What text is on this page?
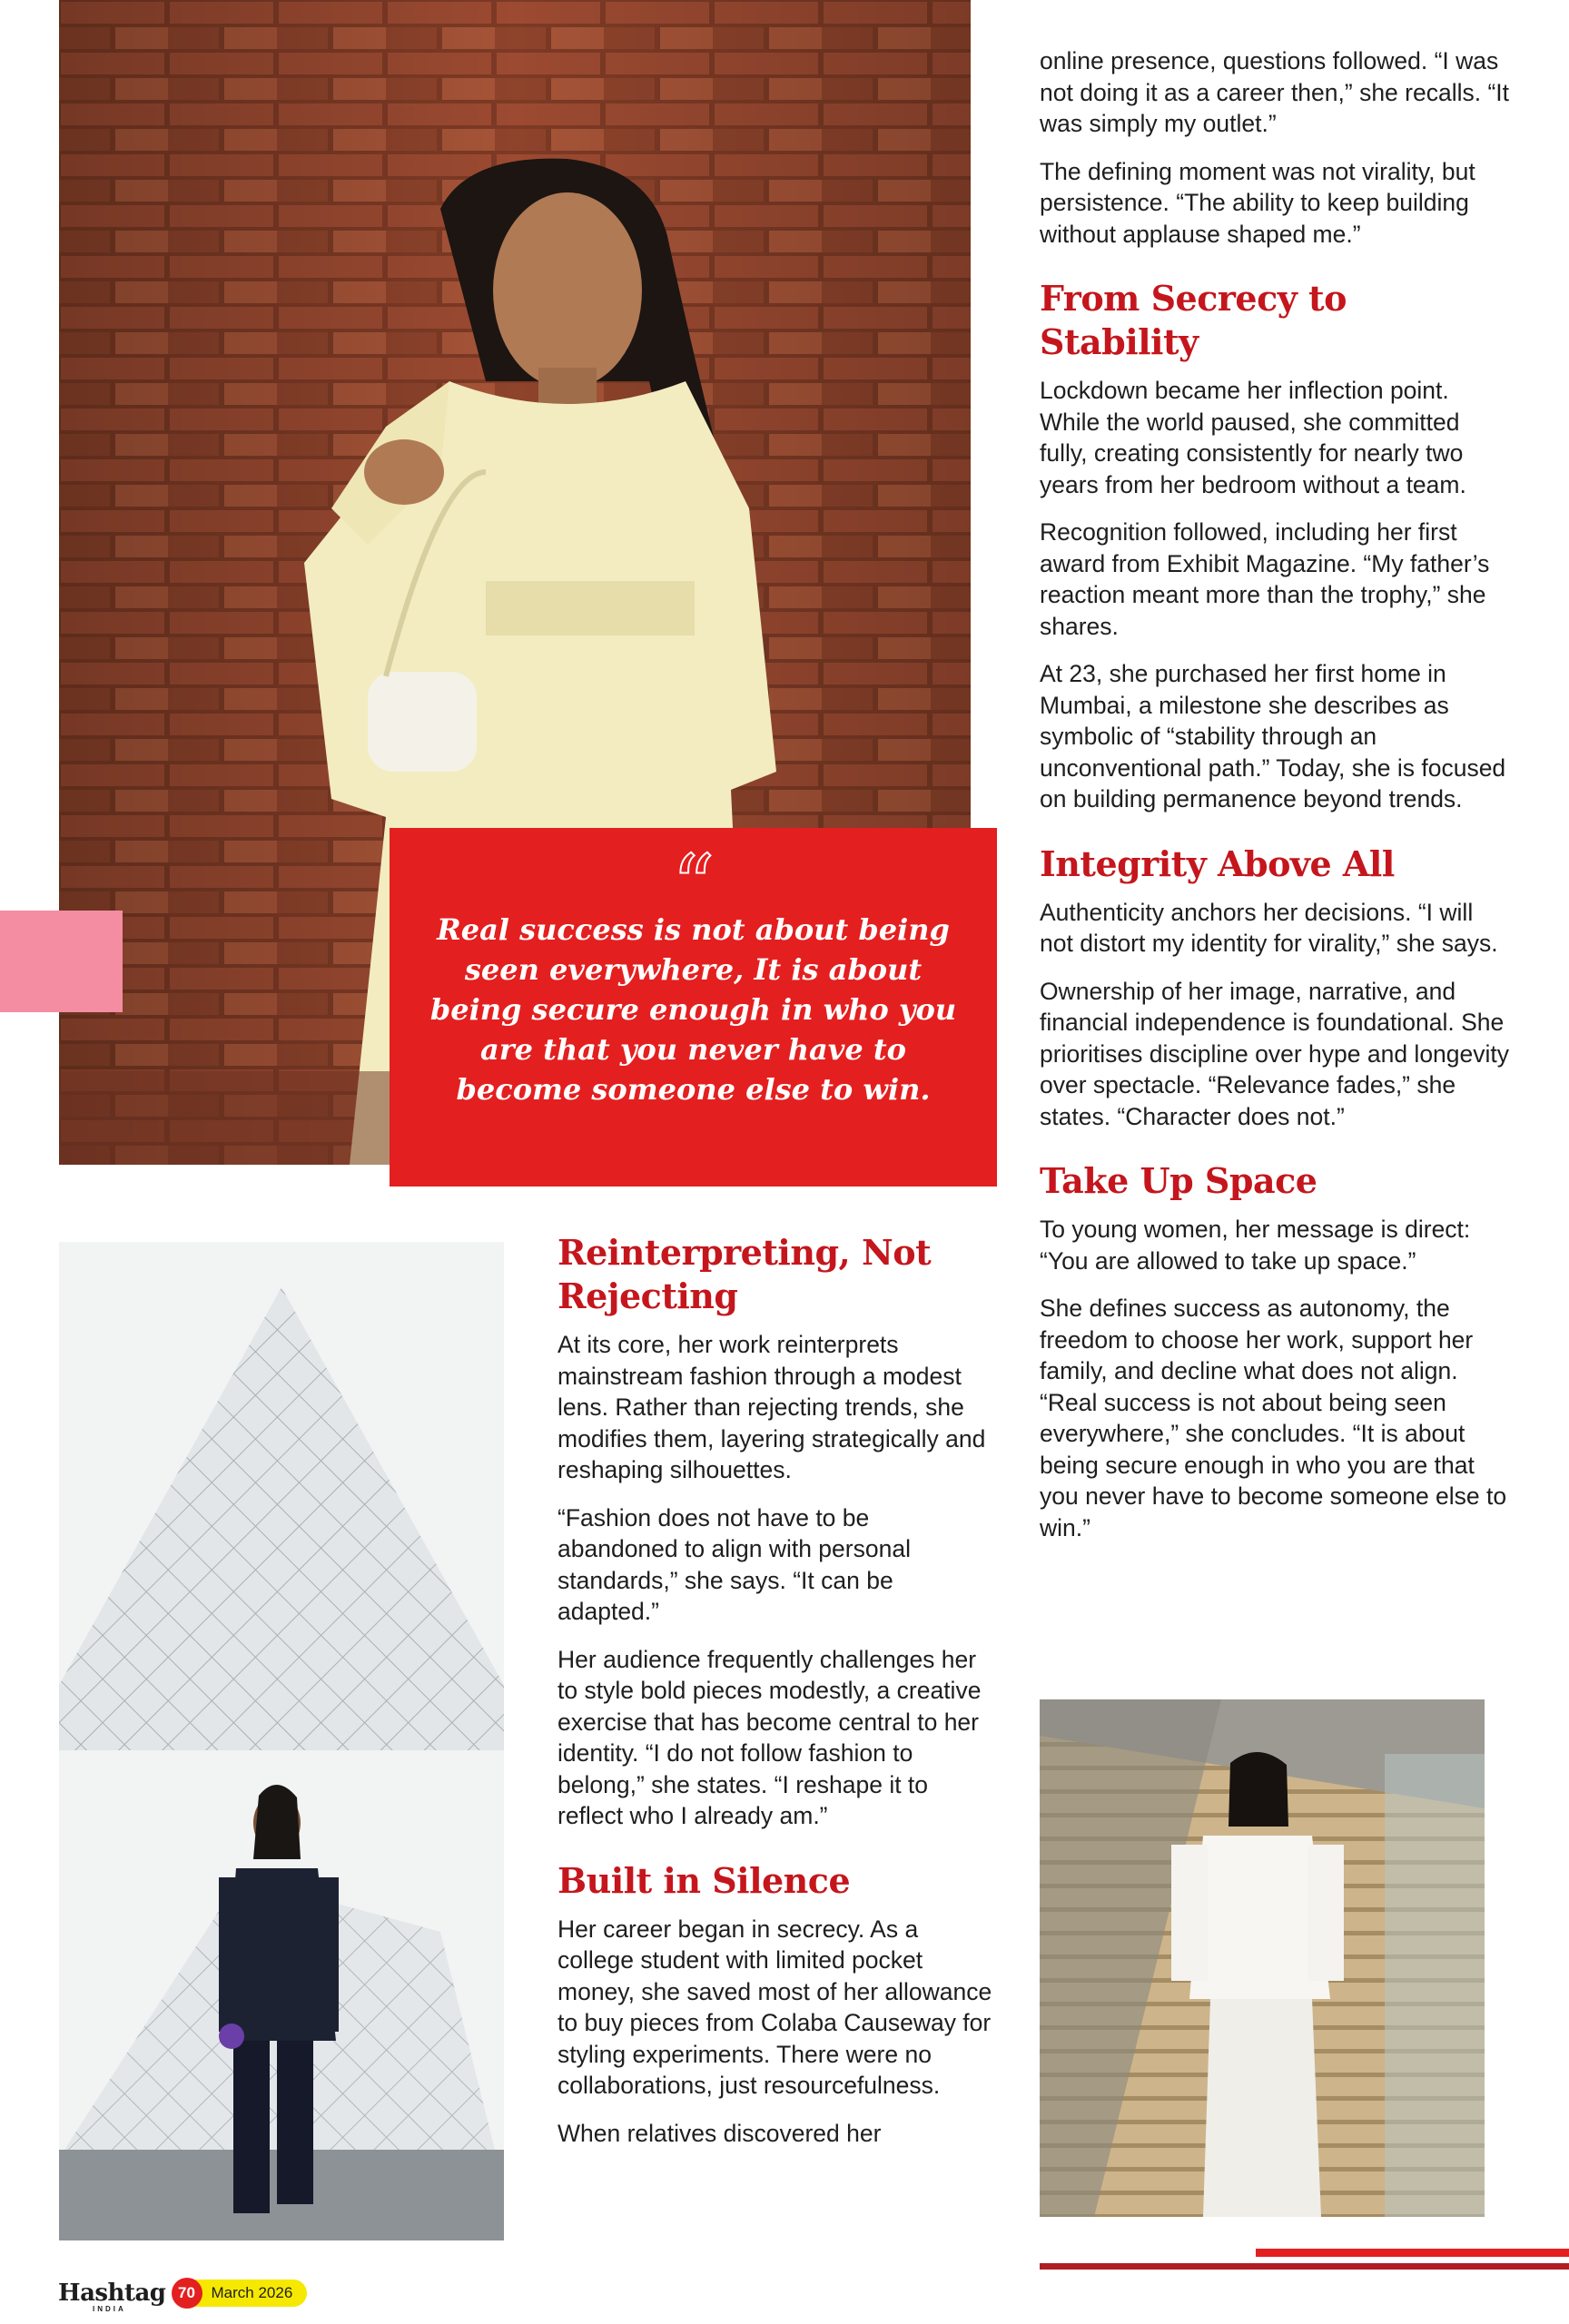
“

Real success is not about being seen everywhere, It is about being secure enough in who you are that you never have to become someone else to win.

Reinterpreting, Not Rejecting

At its core, her work reinterprets mainstream fashion through a modest lens. Rather than rejecting trends, she modifies them, layering strategically and reshaping silhouettes.

“Fashion does not have to be abandoned to align with personal standards,” she says. “It can be adapted.”

Her audience frequently challenges her to style bold pieces modestly, a creative exercise that has become central to her identity. “I do not follow fashion to belong,” she states. “I reshape it to reflect who I already am.”

Built in Silence

Her career began in secrecy. As a college student with limited pocket money, she saved most of her allowance to buy pieces from Colaba Causeway for styling experiments. There were no collaborations, just resourcefulness.

When relatives discovered her

online presence, questions followed. “I was not doing it as a career then,” she recalls. “It was simply my outlet.”

The defining moment was not virality, but persistence. “The ability to keep building without applause shaped me.”

From Secrecy to Stability

Lockdown became her inflection point. While the world paused, she committed fully, creating consistently for nearly two years from her bedroom without a team.

Recognition followed, including her first award from Exhibit Magazine. “My father’s reaction meant more than the trophy,” she shares.

At 23, she purchased her first home in Mumbai, a milestone she describes as symbolic of “stability through an unconventional path.” Today, she is focused on building permanence beyond trends.

Integrity Above All

Authenticity anchors her decisions. “I will not distort my identity for virality,” she says.

Ownership of her image, narrative, and financial independence is foundational. She prioritises discipline over hype and longevity over spectacle. “Relevance fades,” she states. “Character does not.”

Take Up Space

To young women, her message is direct: “You are allowed to take up space.”

She defines success as autonomy, the freedom to choose her work, support her family, and decline what does not align. “Real success is not about being seen everywhere,” she concludes. “It is about being secure enough in who you are that you never have to become someone else to win.”

Hashtag
INDIA
70	March 2026
